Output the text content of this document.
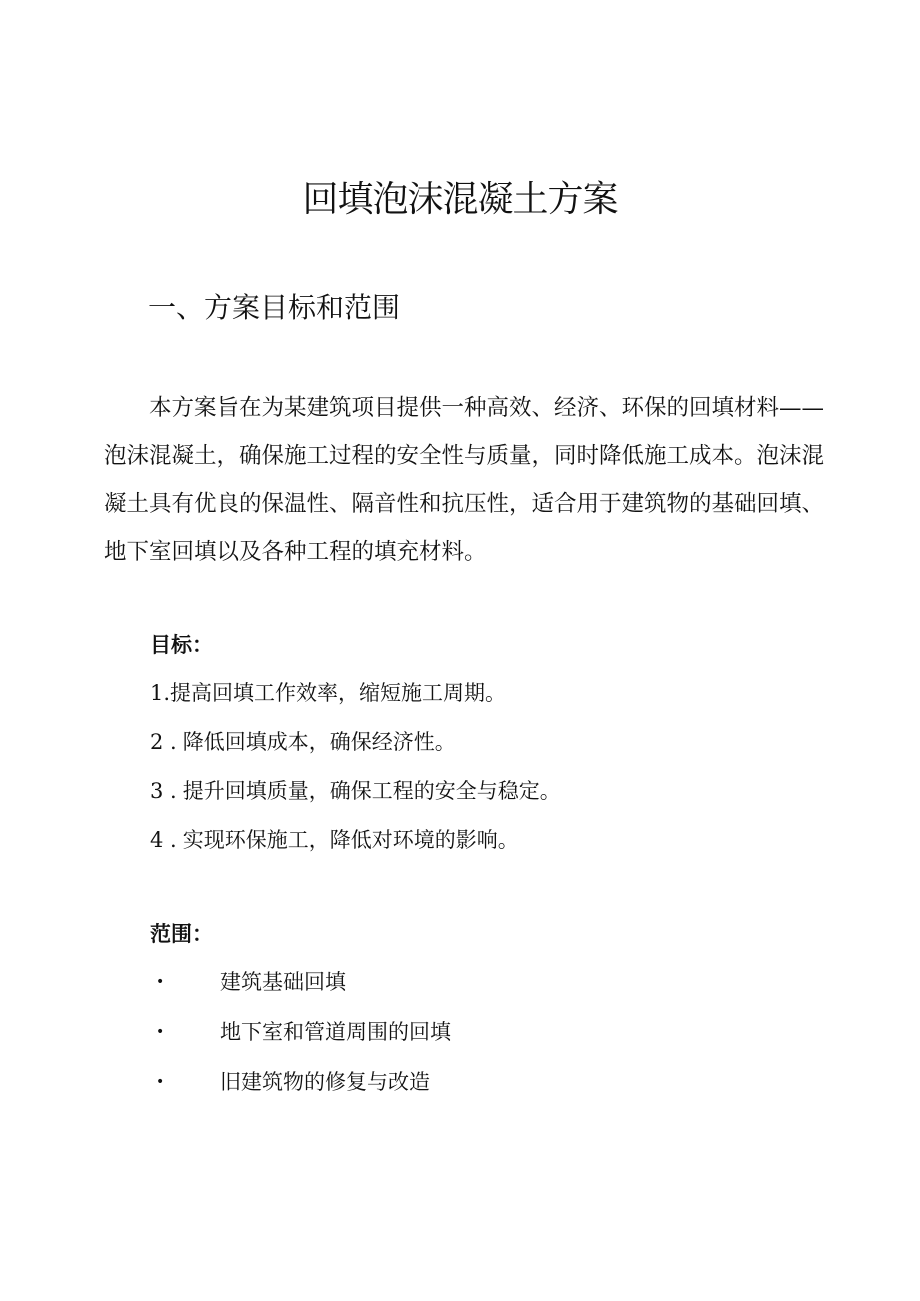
回填泡沫混凝土方案
一、方案目标和范围

本方案旨在为某建筑项目提供一种高效、经济、环保的回填材料——泡沫混凝土，确保施工过程的安全性与质量，同时降低施工成本。泡沫混凝土具有优良的保温性、隔音性和抗压性，适合用于建筑物的基础回填、地下室回填以及各种工程的填充材料。

目标：
1.提高回填工作效率，缩短施工周期。
2 . 降低回填成本，确保经济性。
3 . 提升回填质量，确保工程的安全与稳定。
4 . 实现环保施工，降低对环境的影响。
范围：
•	建筑基础回填
•	地下室和管道周围的回填
•	旧建筑物的修复与改造
